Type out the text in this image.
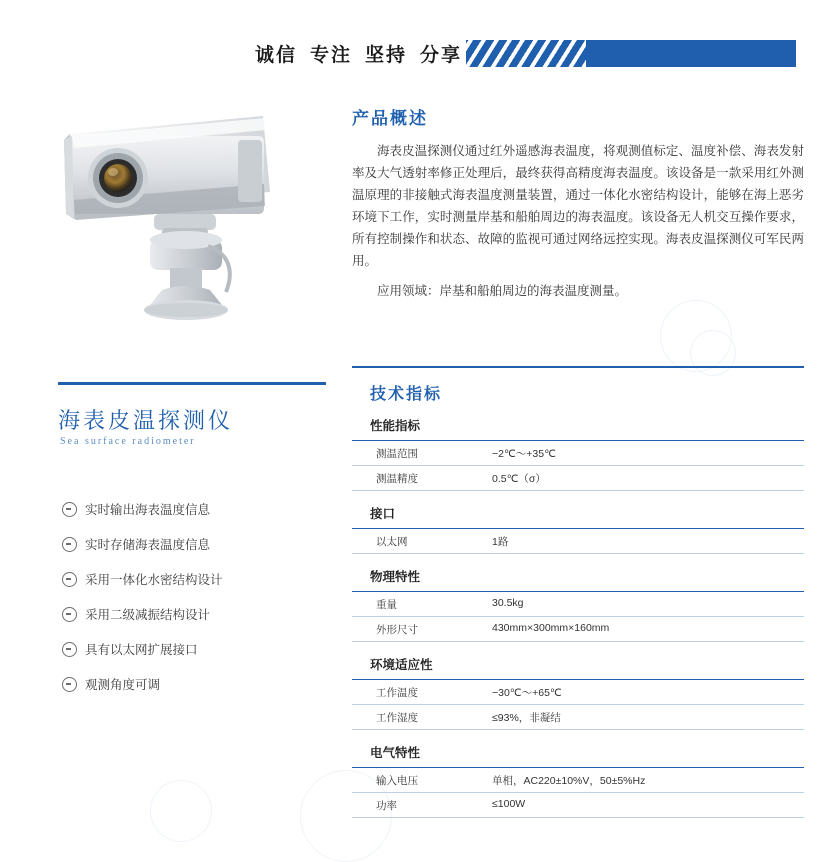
诚信 专注 坚持 分享
产品概述

海表皮温探测仪通过红外遥感海表温度，将观测值标定、温度补偿、海表发射率及大气透射率修正处理后，最终获得高精度海表温度。该设备是一款采用红外测温原理的非接触式海表温度测量装置，通过一体化水密结构设计，能够在海上恶劣环境下工作，实时测量岸基和船舶周边的海表温度。该设备无人机交互操作要求，所有控制操作和状态、故障的监视可通过网络远控实现。海表皮温探测仪可军民两用。

应用领域：岸基和船舶周边的海表温度测量。

海表皮温探测仪
Sea surface radiometer
实时输出海表温度信息
实时存储海表温度信息
采用一体化水密结构设计
采用二级减振结构设计
具有以太网扩展接口
观测角度可调
技术指标
性能指标
测温范围	−2℃～+35℃
测温精度	0.5℃（σ）
接口
以太网	1路
物理特性
重量	30.5kg
外形尺寸	430mm×300mm×160mm
环境适应性
工作温度	−30℃～+65℃
工作湿度	≤93%，非凝结
电气特性
输入电压	单相，AC220±10%V，50±5%Hz
功率	≤100W
